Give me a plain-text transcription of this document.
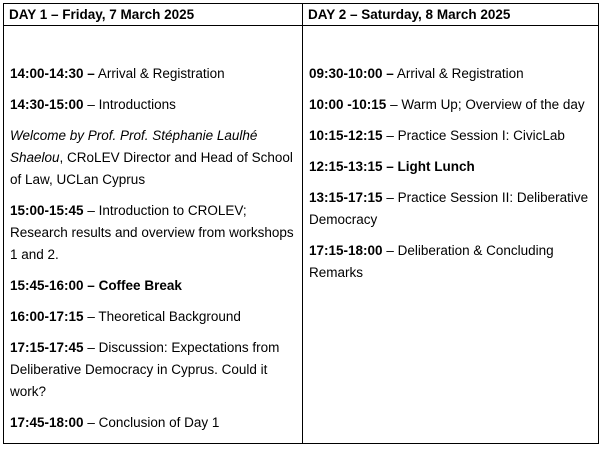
DAY 1 – Friday, 7 March 2025	DAY 2 – Saturday, 8 March 2025

14:00-14:30 – Arrival & Registration

14:30-15:00 – Introductions

Welcome by Prof. Prof. Stéphanie Laulhé Shaelou, CRoLEV Director and Head of School of Law, UCLan Cyprus

15:00-15:45 – Introduction to CROLEV; Research results and overview from workshops 1 and 2.

15:45-16:00 – Coffee Break

16:00-17:15 – Theoretical Background

17:15-17:45 – Discussion: Expectations from Deliberative Democracy in Cyprus. Could it work?

17:45-18:00 – Conclusion of Day 1

09:30-10:00 – Arrival & Registration

10:00 -10:15 – Warm Up; Overview of the day

10:15-12:15 – Practice Session I: CivicLab

12:15-13:15 – Light Lunch

13:15-17:15 – Practice Session II: Deliberative Democracy

17:15-18:00 – Deliberation & Concluding Remarks
